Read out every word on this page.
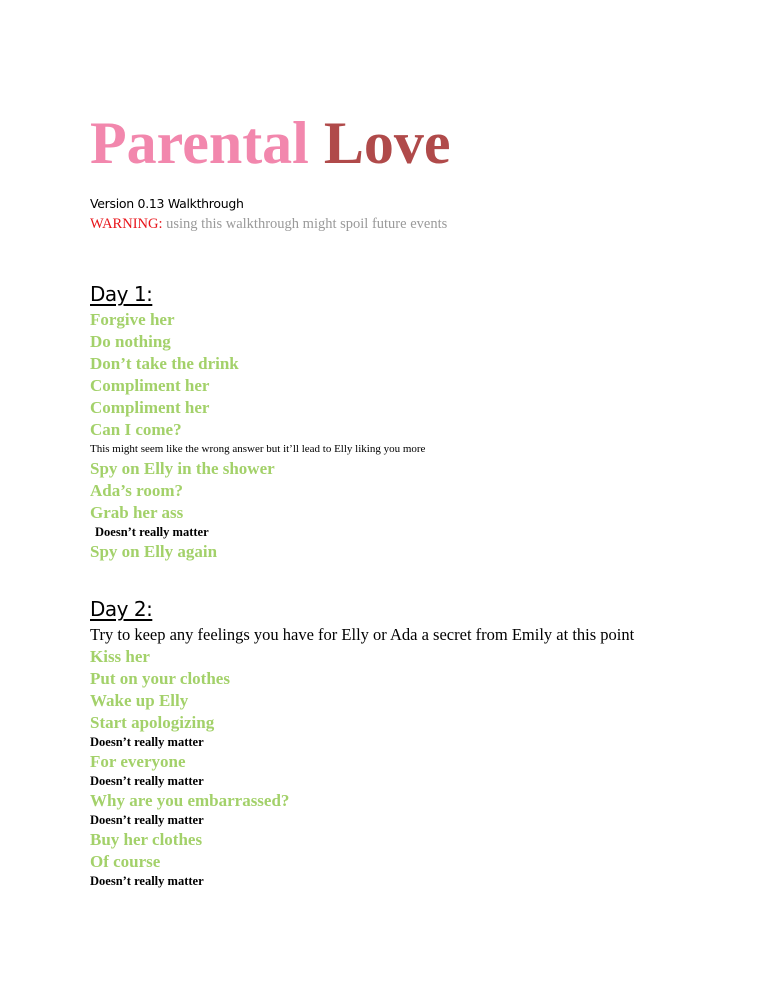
Parental Love
Version 0.13 Walkthrough
WARNING: using this walkthrough might spoil future events
Day 1:
Forgive her
Do nothing
Don’t take the drink
Compliment her
Compliment her
Can I come?
This might seem like the wrong answer but it’ll lead to Elly liking you more
Spy on Elly in the shower
Ada’s room?
Grab her ass
Doesn’t really matter
Spy on Elly again
Day 2:
Try to keep any feelings you have for Elly or Ada a secret from Emily at this point
Kiss her
Put on your clothes
Wake up Elly
Start apologizing
Doesn’t really matter
For everyone
Doesn’t really matter
Why are you embarrassed?
Doesn’t really matter
Buy her clothes
Of course
Doesn’t really matter
